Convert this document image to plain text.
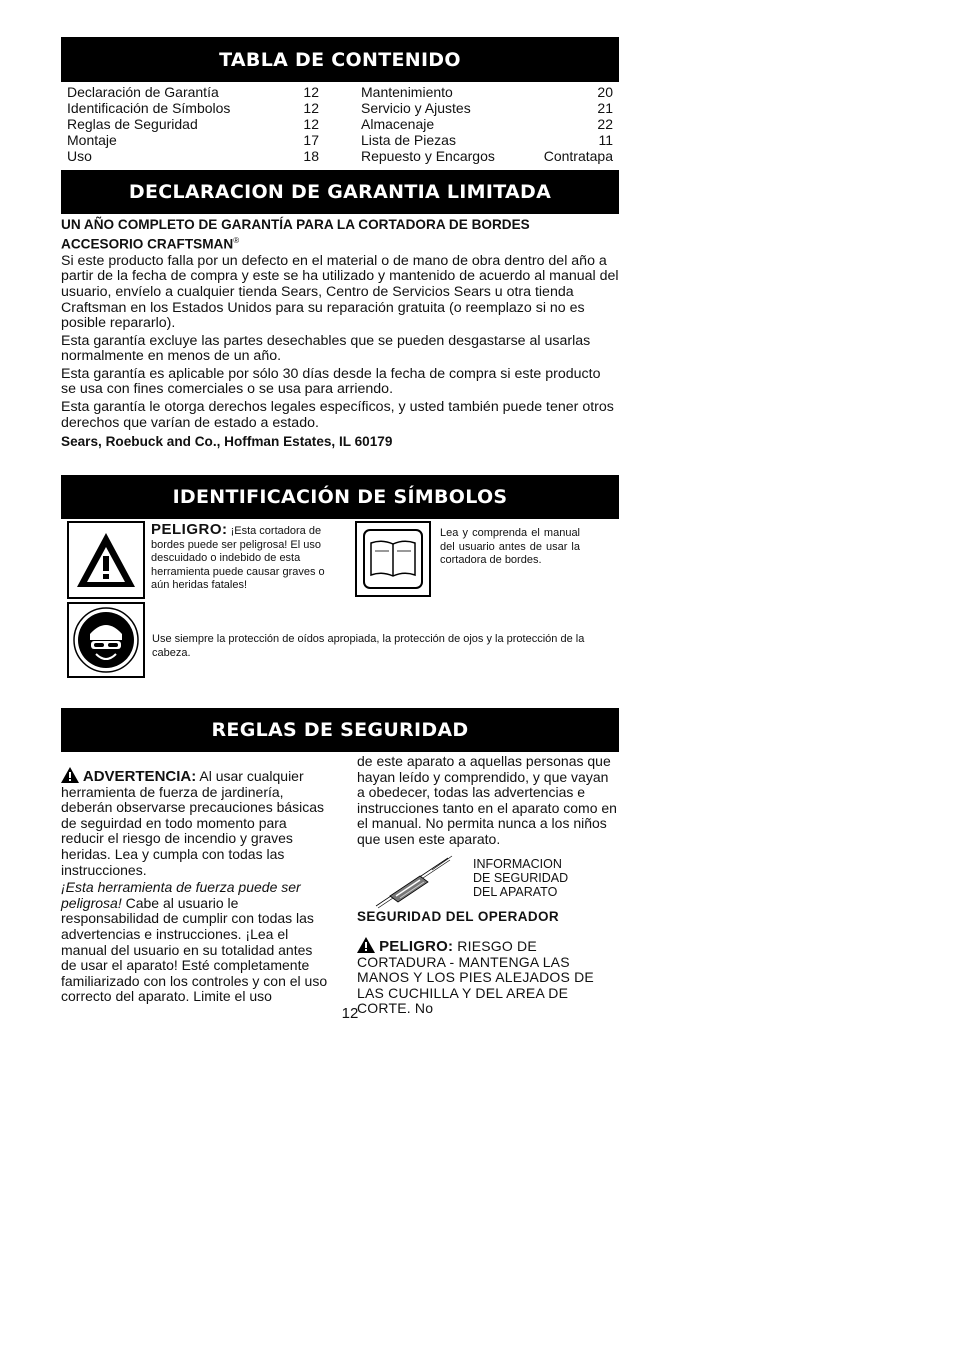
TABLA DE CONTENIDO
Declaración de Garantía	12
Identificación de Símbolos	12
Reglas de Seguridad	12
Montaje	17
Uso	18
Mantenimiento	20
Servicio y Ajustes	21
Almacenaje	22
Lista de Piezas	11
Repuesto y Encargos	Contratapa
DECLARACION DE GARANTIA LIMITADA

UN AÑO COMPLETO DE GARANTÍA PARA LA CORTADORA DE BORDES
ACCESORIO CRAFTSMAN®

Si este producto falla por un defecto en el material o de mano de obra dentro del año a partir de la fecha de compra y este se ha utilizado y mantenido de acuerdo al manual del usuario, envíelo a cualquier tienda Sears, Centro de Servicios Sears u otra tienda Craftsman en los Estados Unidos para su reparación gratuita (o reemplazo si no es posible repararlo).

Esta garantía excluye las partes desechables que se pueden desgastarse al usarlas normalmente en menos de un año.

Esta garantía es aplicable por sólo 30 días desde la fecha de compra si este producto se usa con fines comerciales o se usa para arriendo.

Esta garantía le otorga derechos legales específicos, y usted también puede tener otros derechos que varían de estado a estado.

Sears, Roebuck and Co., Hoffman Estates, IL 60179

IDENTIFICACIÓN DE SÍMBOLOS
PELIGRO: ¡Esta cortadora de bordes puede ser peligrosa! El uso descuidado o indebido de esta herramienta puede causar graves o aún heridas fatales!
Lea y comprenda el manual del usuario antes de usar la cortadora de bordes.
Use siempre la protección de oídos apropiada, la protección de ojos y la protección de la cabeza.
REGLAS DE SEGURIDAD

ADVERTENCIA: Al usar cualquier herramienta de fuerza de jardinería, deberán observarse precauciones básicas de seguirdad en todo momento para reducir el riesgo de incendio y graves heridas. Lea y cumpla con todas las instrucciones.

¡Esta herramienta de fuerza puede ser peligrosa! Cabe al usuario le responsabilidad de cumplir con todas las advertencias e instrucciones. ¡Lea el manual del usuario en su totalidad antes de usar el aparato! Esté completamente familiarizado con los controles y con el uso correcto del aparato. Limite el uso

de este aparato a aquellas personas que hayan leído y comprendido, y que vayan a obedecer, todas las advertencias e instrucciones tanto en el aparato como en el manual. No permita nunca a los niños que usen este aparato.

INFORMACION
DE SEGURIDAD
DEL APARATO
SEGURIDAD DEL OPERADOR

PELIGRO: RIESGO DE CORTADURA - MANTENGA LAS MANOS Y LOS PIES ALEJADOS DE LAS CUCHILLA Y DEL AREA DE CORTE. No

12
